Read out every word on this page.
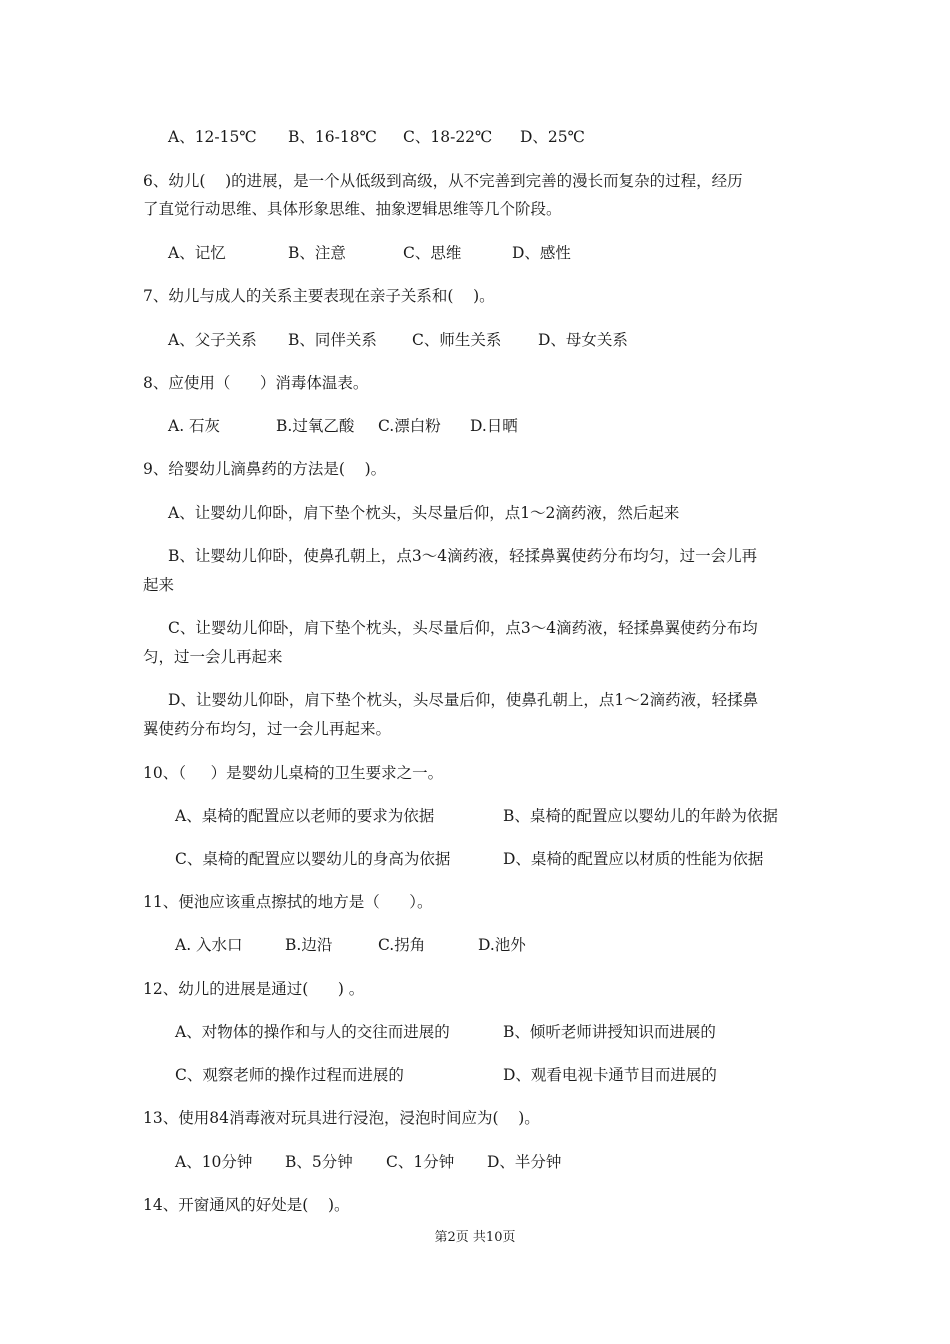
A、12-15℃ B、16-18℃ C、18-22℃ D、25℃
6、幼儿(    )的进展，是一个从低级到高级，从不完善到完善的漫长而复杂的过程，经历
了直觉行动思维、具体形象思维、抽象逻辑思维等几个阶段。
A、记忆	B、注意	C、思维	D、感性
7、幼儿与成人的关系主要表现在亲子关系和(    )。
A、父子关系 B、同伴关系 C、师生关系 D、母女关系
8、应使用（      ）消毒体温表。
A. 石灰	B.过氧乙酸 C.漂白粉 D.日晒
9、给婴幼儿滴鼻药的方法是(    )。
A、让婴幼儿仰卧，肩下垫个枕头，头尽量后仰，点1～2滴药液，然后起来
B、让婴幼儿仰卧，使鼻孔朝上，点3～4滴药液，轻揉鼻翼使药分布均匀，过一会儿再
起来
C、让婴幼儿仰卧，肩下垫个枕头，头尽量后仰，点3～4滴药液，轻揉鼻翼使药分布均
匀，过一会儿再起来
D、让婴幼儿仰卧，肩下垫个枕头，头尽量后仰，使鼻孔朝上，点1～2滴药液，轻揉鼻
翼使药分布均匀，过一会儿再起来。
10、（     ）是婴幼儿桌椅的卫生要求之一。
A、桌椅的配置应以老师的要求为依据	B、桌椅的配置应以婴幼儿的年龄为依据
C、桌椅的配置应以婴幼儿的身高为依据	D、桌椅的配置应以材质的性能为依据
11、便池应该重点擦拭的地方是（      ）。
A. 入水口	B.边沿	C.拐角	D.池外
12、幼儿的进展是通过(      ) 。
A、对物体的操作和与人的交往而进展的	B、倾听老师讲授知识而进展的
C、观察老师的操作过程而进展的	D、观看电视卡通节目而进展的
13、使用84消毒液对玩具进行浸泡，浸泡时间应为(    )。
A、10分钟 B、5分钟 C、1分钟 D、半分钟
14、开窗通风的好处是(    )。
第2页 共10页
